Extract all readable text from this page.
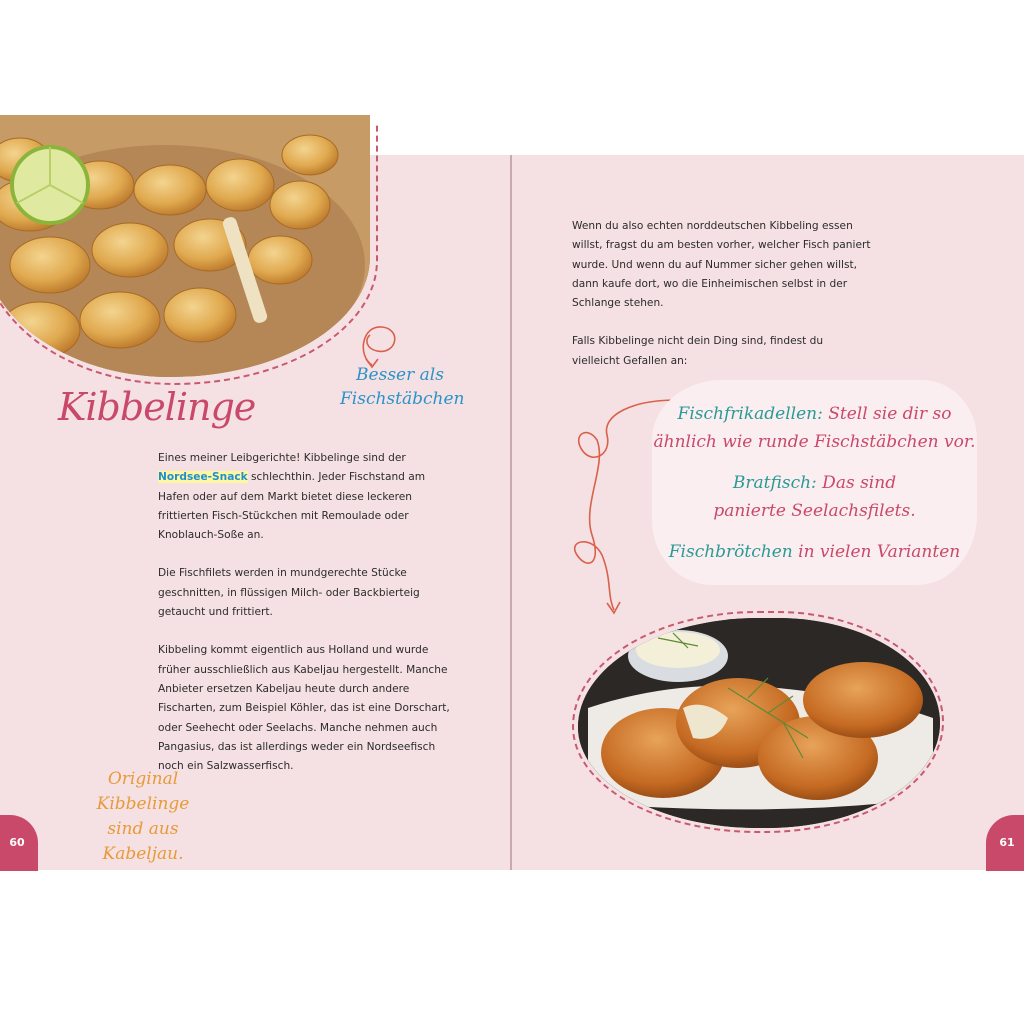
Besser als
Fischstäbchen
Kibbelinge

Eines meiner Leibgerichte! Kibbelinge sind der Nordsee-Snack schlechthin. Jeder Fischstand am Hafen oder auf dem Markt bietet diese leckeren frittierten Fisch-Stückchen mit Remoulade oder Knoblauch-Soße an.

Die Fischfilets werden in mundgerechte Stücke geschnitten, in flüssigen Milch- oder Backbierteig getaucht und frittiert.

Kibbeling kommt eigentlich aus Holland und wurde früher ausschließlich aus Kabeljau hergestellt. Manche Anbieter ersetzen Kabeljau heute durch andere Fischarten, zum Beispiel Köhler, das ist eine Dorschart, oder Seehecht oder Seelachs. Manche nehmen auch Pangasius, das ist allerdings weder ein Nordseefisch noch ein Salzwasserfisch.

Original Kibbelinge
sind aus Kabeljau.
60

Wenn du also echten norddeutschen Kibbeling essen willst, fragst du am besten vorher, welcher Fisch paniert wurde. Und wenn du auf Nummer sicher gehen willst, dann kaufe dort, wo die Einheimischen selbst in der Schlange stehen.

Falls Kibbelinge nicht dein Ding sind, findest du vielleicht Gefallen an:

Fischfrikadellen: Stell sie dir so
ähnlich wie runde Fischstäbchen vor.
Bratfisch: Das sind
panierte Seelachsfilets.
Fischbrötchen in vielen Varianten
61
